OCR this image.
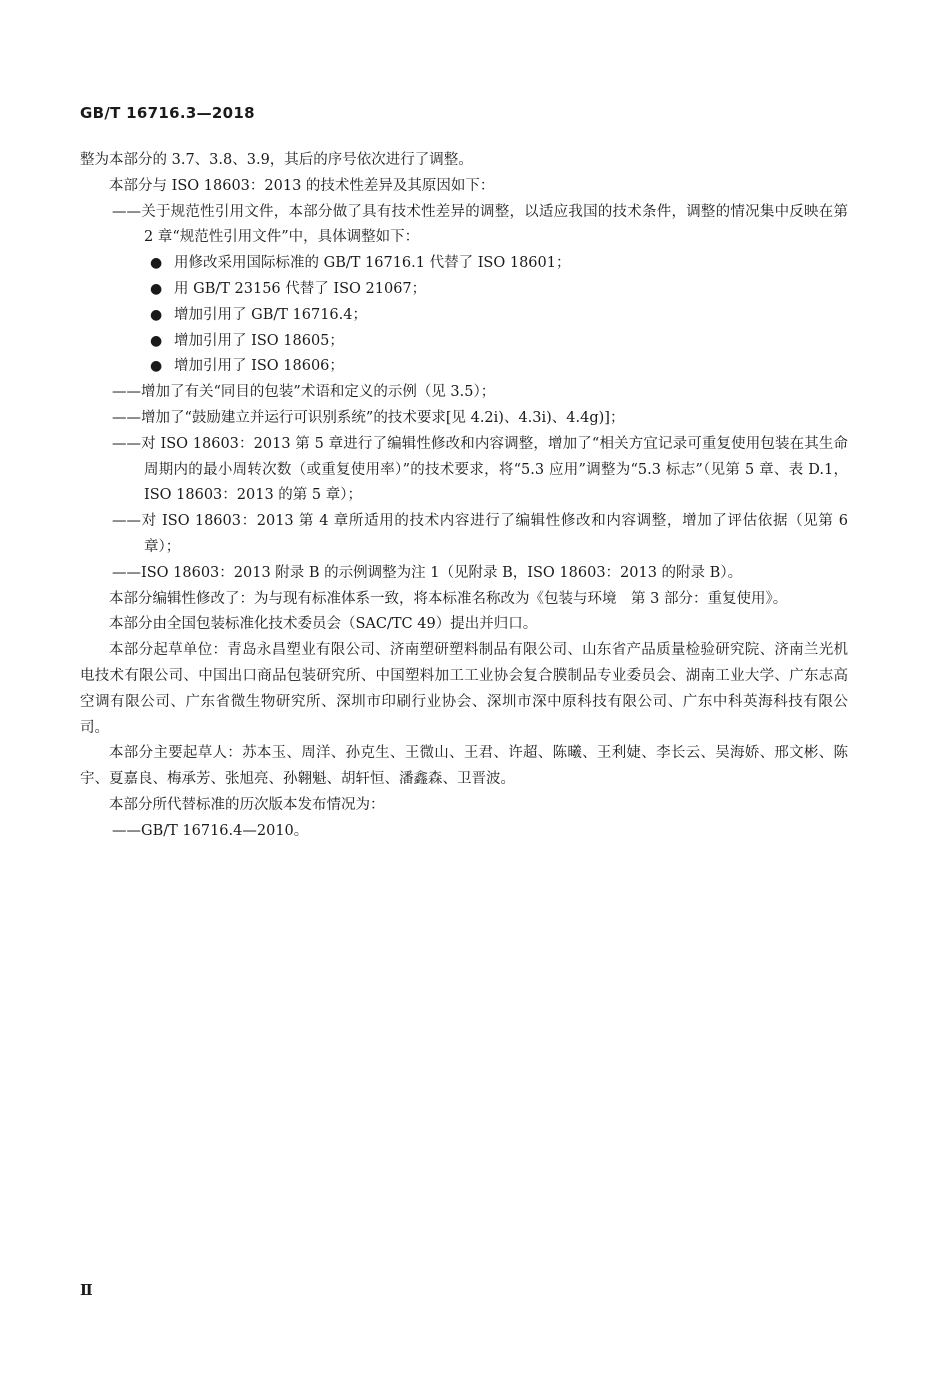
GB/T 16716.3—2018

整为本部分的 3.7、3.8、3.9，其后的序号依次进行了调整。

本部分与 ISO 18603：2013 的技术性差异及其原因如下：

——关于规范性引用文件，本部分做了具有技术性差异的调整，以适应我国的技术条件，调整的情况集中反映在第 2 章“规范性引用文件”中，具体调整如下：

● 用修改采用国际标准的 GB/T 16716.1 代替了 ISO 18601；

● 用 GB/T 23156 代替了 ISO 21067；

● 增加引用了 GB/T 16716.4；

● 增加引用了 ISO 18605；

● 增加引用了 ISO 18606；

——增加了有关“同目的包装”术语和定义的示例（见 3.5）；

——增加了“鼓励建立并运行可识别系统”的技术要求[见 4.2i)、4.3i)、4.4g)]；

——对 ISO 18603：2013 第 5 章进行了编辑性修改和内容调整，增加了“相关方宜记录可重复使用包装在其生命周期内的最小周转次数（或重复使用率）”的技术要求，将“5.3 应用”调整为“5.3 标志”（见第 5 章、表 D.1，ISO 18603：2013 的第 5 章）；

——对 ISO 18603：2013 第 4 章所适用的技术内容进行了编辑性修改和内容调整，增加了评估依据（见第 6 章）；

——ISO 18603：2013 附录 B 的示例调整为注 1（见附录 B，ISO 18603：2013 的附录 B）。

本部分编辑性修改了：为与现有标准体系一致，将本标准名称改为《包装与环境　第 3 部分：重复使用》。

本部分由全国包装标准化技术委员会（SAC/TC 49）提出并归口。

本部分起草单位：青岛永昌塑业有限公司、济南塑研塑料制品有限公司、山东省产品质量检验研究院、济南兰光机电技术有限公司、中国出口商品包装研究所、中国塑料加工工业协会复合膜制品专业委员会、湖南工业大学、广东志高空调有限公司、广东省微生物研究所、深圳市印刷行业协会、深圳市深中原科技有限公司、广东中科英海科技有限公司。

本部分主要起草人：苏本玉、周洋、孙克生、王微山、王君、许超、陈曦、王利婕、李长云、吴海娇、邢文彬、陈宇、夏嘉良、梅承芳、张旭亮、孙翱魁、胡轩恒、潘鑫森、卫晋波。

本部分所代替标准的历次版本发布情况为：

——GB/T 16716.4—2010。

Ⅱ
